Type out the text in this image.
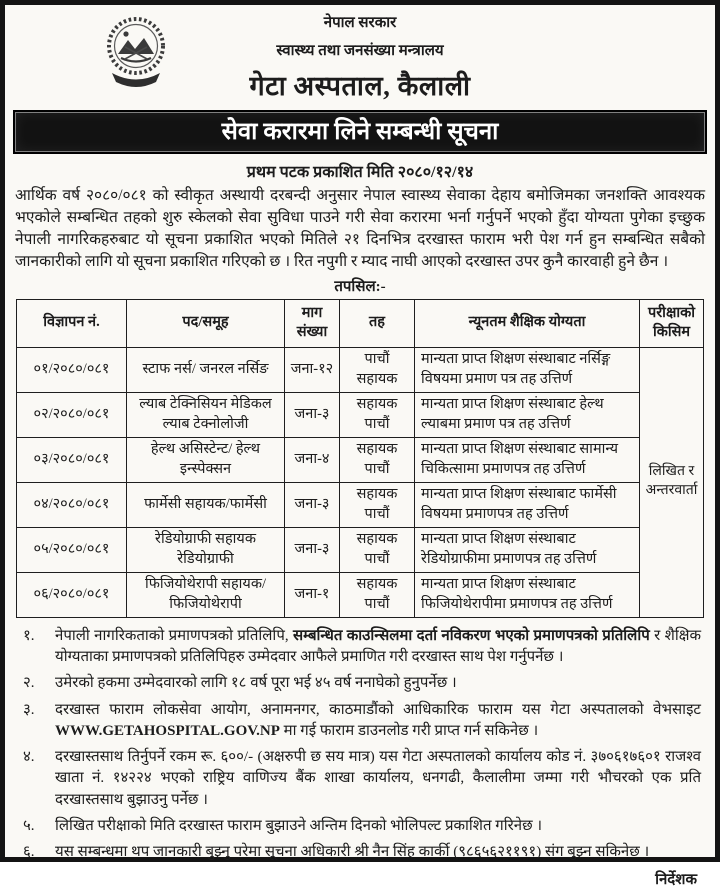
नेपाल सरकार
स्वास्थ्य तथा जनसंख्या मन्त्रालय
गेटा अस्पताल, कैलाली
सेवा करारमा लिने सम्बन्धी सूचना
प्रथम पटक प्रकाशित मिति २०८०/१२/१४
आर्थिक वर्ष २०८०/०८१ को स्वीकृत अस्थायी दरबन्दी अनुसार नेपाल स्वास्थ्य सेवाका देहाय बमोजिमका जनशक्ति आवश्यक भएकोले सम्बन्धित तहको शुरु स्केलको सेवा सुविधा पाउने गरी सेवा करारमा भर्ना गर्नुपर्ने भएको हुँदा योग्यता पुगेका इच्छुक नेपाली नागरिकहरुबाट यो सूचना प्रकाशित भएको मितिले २१ दिनभित्र दरखास्त फाराम भरी पेश गर्न हुन सम्बन्धित सबैको जानकारीको लागि यो सूचना प्रकाशित गरिएको छ । रित नपुगी र म्याद नाघी आएको दरखास्त उपर कुनै कारवाही हुने छैन ।
तपसिल:-
विज्ञापन नं.	पद/समूह	माग संख्या	तह	न्यूनतम शैक्षिक योग्यता	परीक्षाको किसिम
०१/२०८०/०८१	स्टाफ नर्स/ जनरल नर्सिङ	जना-१२	पाचौं सहायक	मान्यता प्राप्त शिक्षण संस्थाबाट नर्सिङ्ग विषयमा प्रमाण पत्र तह उत्तिर्ण	लिखित र अन्तरवार्ता
०२/२०८०/०८१	ल्याब टेक्निसियन मेडिकल ल्याब टेक्नोलोजी	जना-३	सहायक पाचौं	मान्यता प्राप्त शिक्षण संस्थाबाट हेल्थ ल्याबमा प्रमाण पत्र तह उत्तिर्ण	
०३/२०८०/०८१	हेल्थ असिस्टेन्ट/ हेल्थ इन्स्पेक्सन	जना-४	सहायक पाचौं	मान्यता प्राप्त शिक्षण संस्थाबाट सामान्य चिकित्सामा प्रमाणपत्र तह उत्तिर्ण	
०४/२०८०/०८१	फार्मेसी सहायक/फार्मेसी	जना-३	सहायक पाचौं	मान्यता प्राप्त शिक्षण संस्थाबाट फार्मेसी विषयमा प्रमाणपत्र तह उत्तिर्ण	
०५/२०८०/०८१	रेडियोग्राफी सहायक रेडियोग्राफी	जना-३	सहायक पाचौं	मान्यता प्राप्त शिक्षण संस्थाबाट रेडियोग्राफीमा प्रमाणपत्र तह उत्तिर्ण	
०६/२०८०/०८१	फिजियोथेरापी सहायक/ फिजियोथेरापी	जना-१	सहायक पाचौं	मान्यता प्राप्त शिक्षण संस्थाबाट फिजियोथेरापीमा प्रमाणपत्र तह उत्तिर्ण	
१.	नेपाली नागरिकताको प्रमाणपत्रको प्रतिलिपि, सम्बन्धित काउन्सिलमा दर्ता नविकरण भएको प्रमाणपत्रको प्रतिलिपि र शैक्षिक योग्यताका प्रमाणपत्रको प्रतिलिपिहरु उम्मेदवार आफैले प्रमाणित गरी दरखास्त साथ पेश गर्नुपर्नेछ ।
२.	उमेरको हकमा उम्मेदवारको लागि १८ वर्ष पूरा भई ४५ वर्ष ननाघेको हुनुपर्नेछ ।
३.	दरखास्त फाराम लोकसेवा आयोग, अनामनगर, काठमाडौंको आधिकारिक फाराम यस गेटा अस्पतालको वेभसाइट WWW.GETAHOSPITAL.GOV.NP मा गई फाराम डाउनलोड गरी प्राप्त गर्न सकिनेछ ।
४.	दरखास्तसाथ तिर्नुपर्ने रकम रू. ६००/- (अक्षरुपी छ सय मात्र) यस गेटा अस्पतालको कार्यालय कोड नं. ३७०६१७६०१ राजश्व खाता नं. १४२२४ भएको राष्ट्रिय वाणिज्य बैंक शाखा कार्यालय, धनगढी, कैलालीमा जम्मा गरी भौचरको एक प्रति दरखास्तसाथ बुझाउनु पर्नेछ ।
५.	लिखित परीक्षाको मिति दरखास्त फाराम बुझाउने अन्तिम दिनको भोलिपल्ट प्रकाशित गरिनेछ ।
६.	यस सम्बन्धमा थप जानकारी बुझ्नु परेमा सूचना अधिकारी श्री नैन सिंह कार्की (९८६५६२११९१) संग बुझ्न सकिनेछ ।
निर्देशक
